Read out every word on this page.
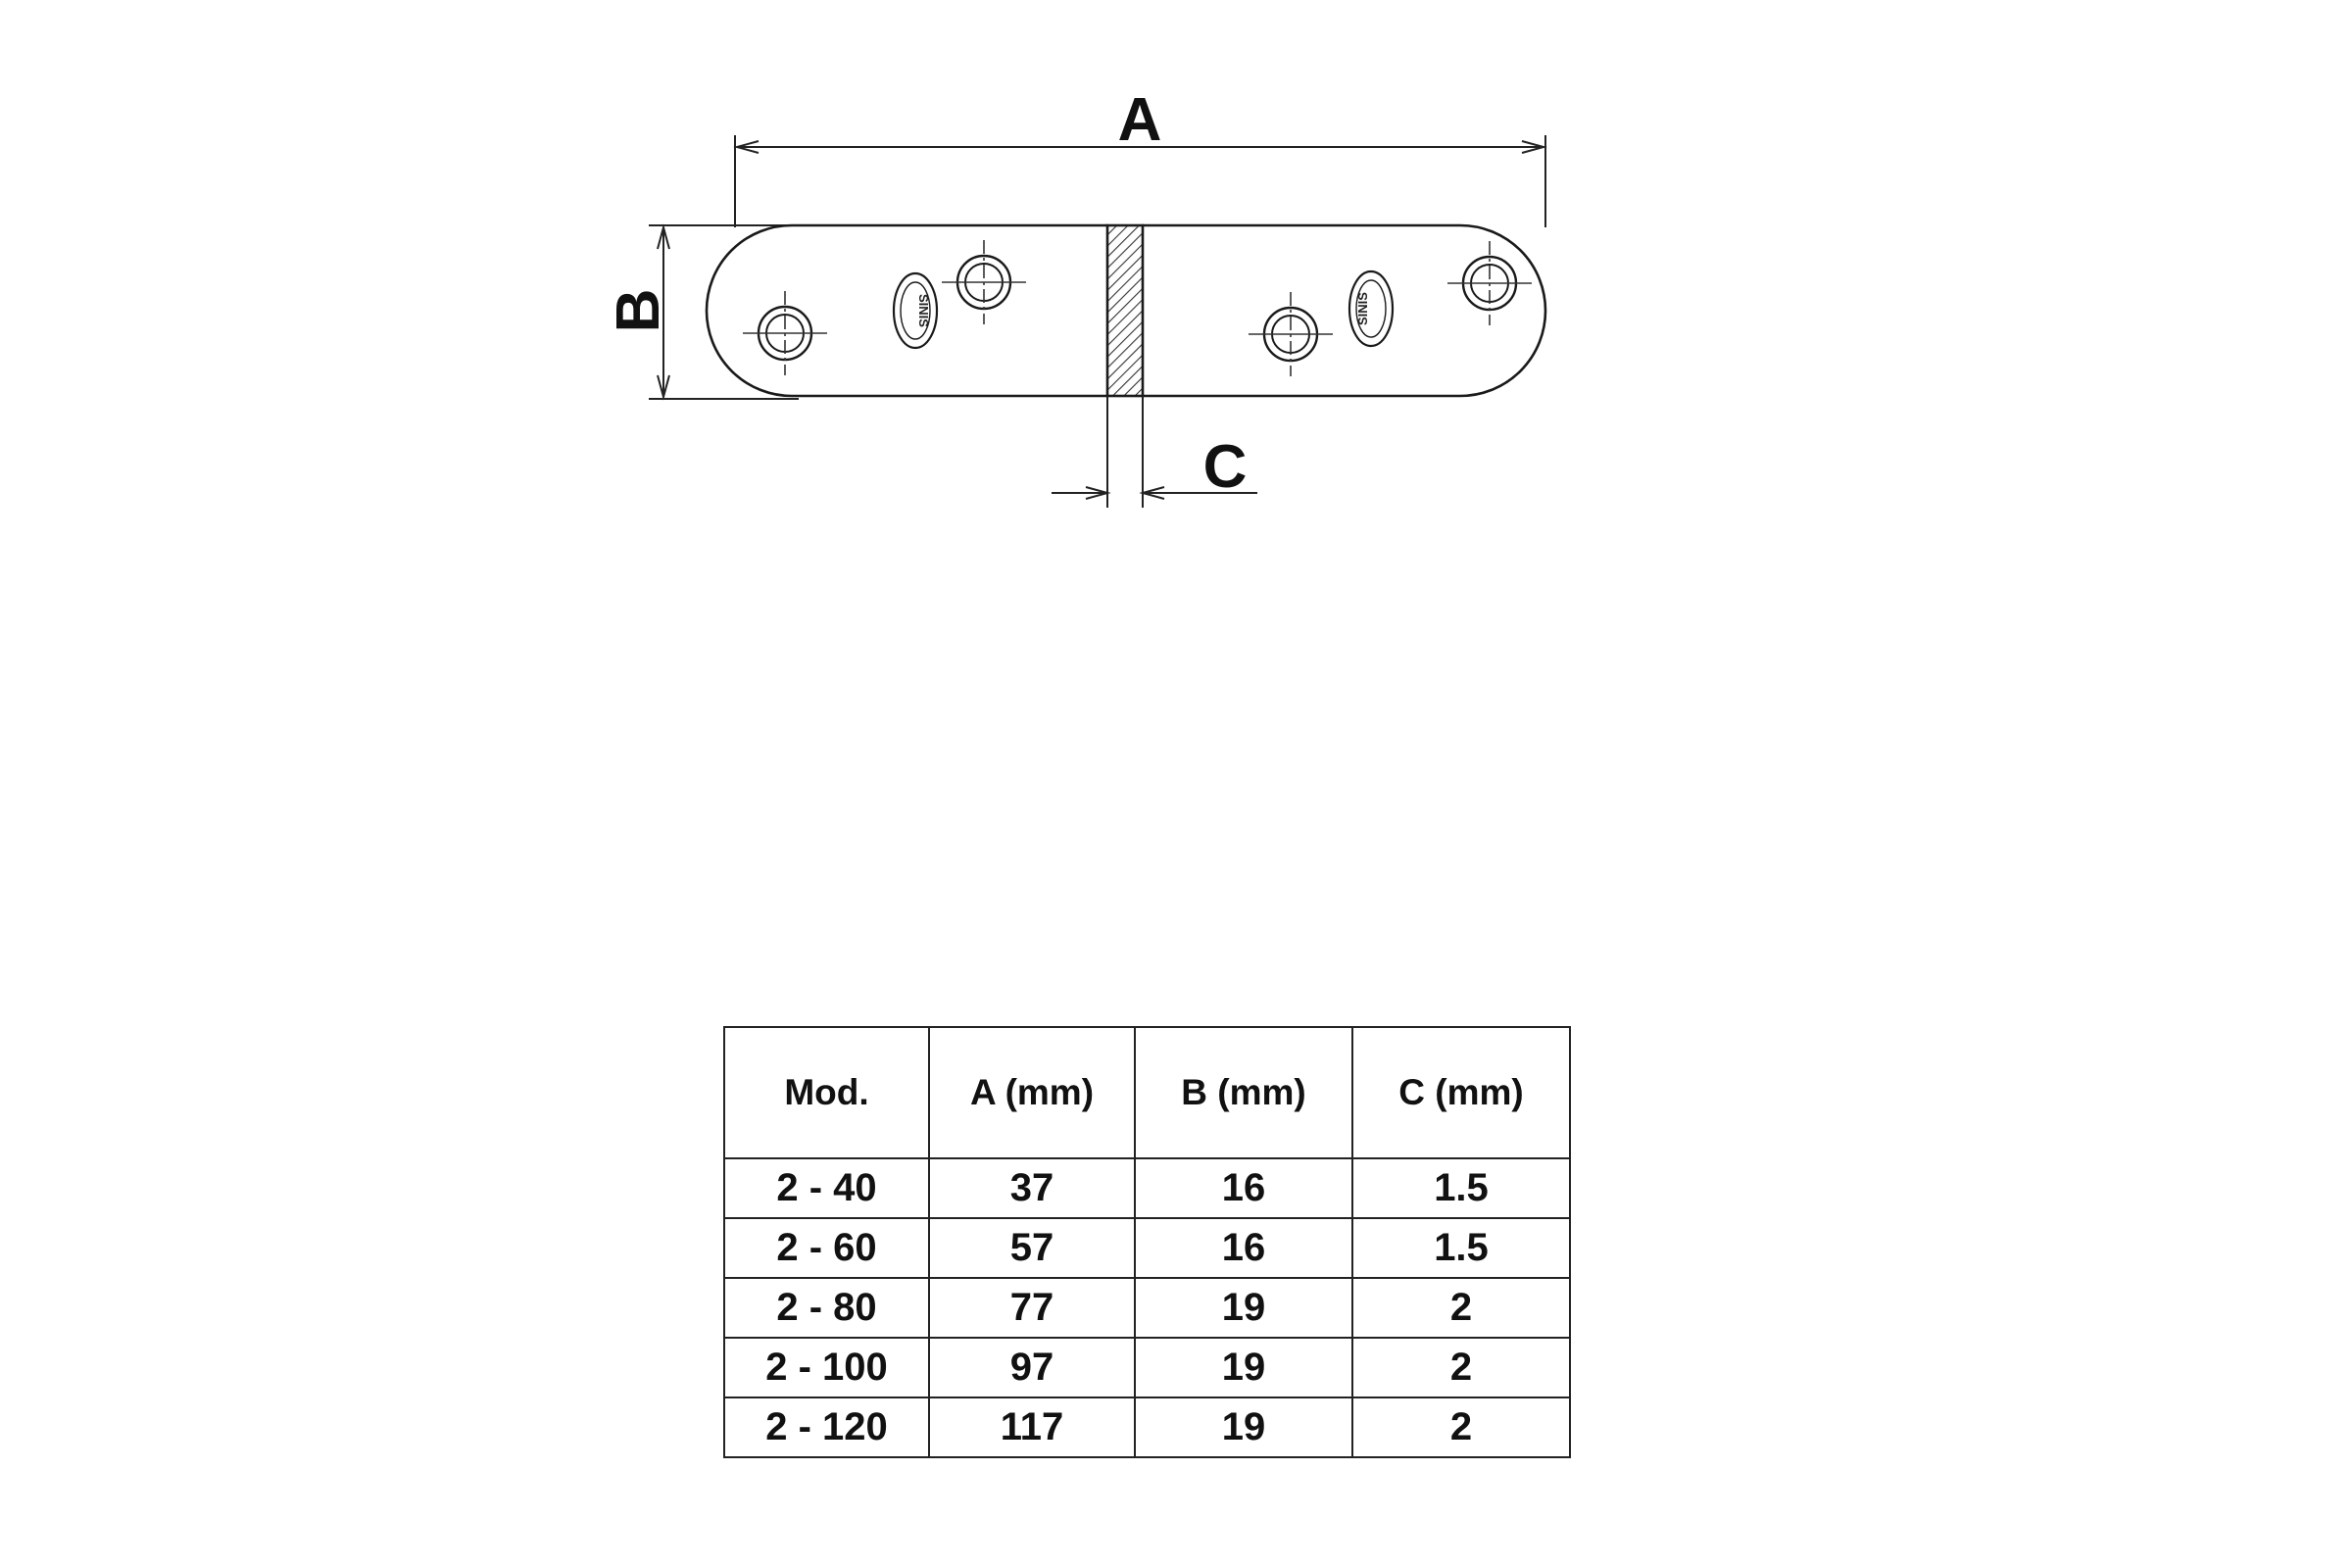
A
B	SINIS	SINIS
C
Mod.	A (mm)	B (mm)	C (mm)
2 - 40	37	16	1.5
2 - 60	57	16	1.5
2 - 80	77	19	2
2 - 100	97	19	2
2 - 120	117	19	2
